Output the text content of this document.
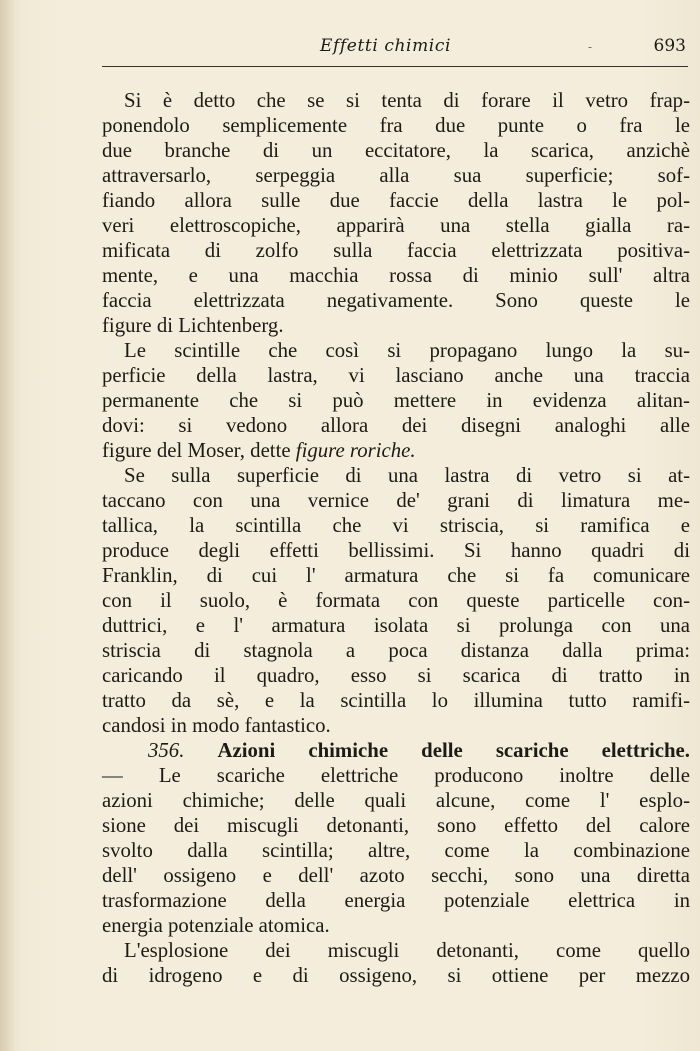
Effetti chimici	-	693
Si è detto che se si tenta di forare il vetro frap-
ponendolo semplicemente fra due punte o fra le
due branche di un eccitatore, la scarica, anzichè
attraversarlo, serpeggia alla sua superficie; sof-
fiando allora sulle due faccie della lastra le pol-
veri elettroscopiche, apparirà una stella gialla ra-
mificata di zolfo sulla faccia elettrizzata positiva-
mente, e una macchia rossa di minio sull' altra
faccia elettrizzata negativamente. Sono queste le
figure di Lichtenberg.
Le scintille che così si propagano lungo la su-
perficie della lastra, vi lasciano anche una traccia
permanente che si può mettere in evidenza alitan-
dovi: si vedono allora dei disegni analoghi alle
figure del Moser, dette figure roriche.
Se sulla superficie di una lastra di vetro si at-
taccano con una vernice de' grani di limatura me-
tallica, la scintilla che vi striscia, si ramifica e
produce degli effetti bellissimi. Si hanno quadri di
Franklin, di cui l' armatura che si fa comunicare
con il suolo, è formata con queste particelle con-
duttrici, e l' armatura isolata si prolunga con una
striscia di stagnola a poca distanza dalla prima:
caricando il quadro, esso si scarica di tratto in
tratto da sè, e la scintilla lo illumina tutto ramifi-
candosi in modo fantastico.
356. Azioni chimiche delle scariche elettriche.
— Le scariche elettriche producono inoltre delle
azioni chimiche; delle quali alcune, come l' esplo-
sione dei miscugli detonanti, sono effetto del calore
svolto dalla scintilla; altre, come la combinazione
dell' ossigeno e dell' azoto secchi, sono una diretta
trasformazione della energia potenziale elettrica in
energia potenziale atomica.
L'esplosione dei miscugli detonanti, come quello
di idrogeno e di ossigeno, si ottiene per mezzo
